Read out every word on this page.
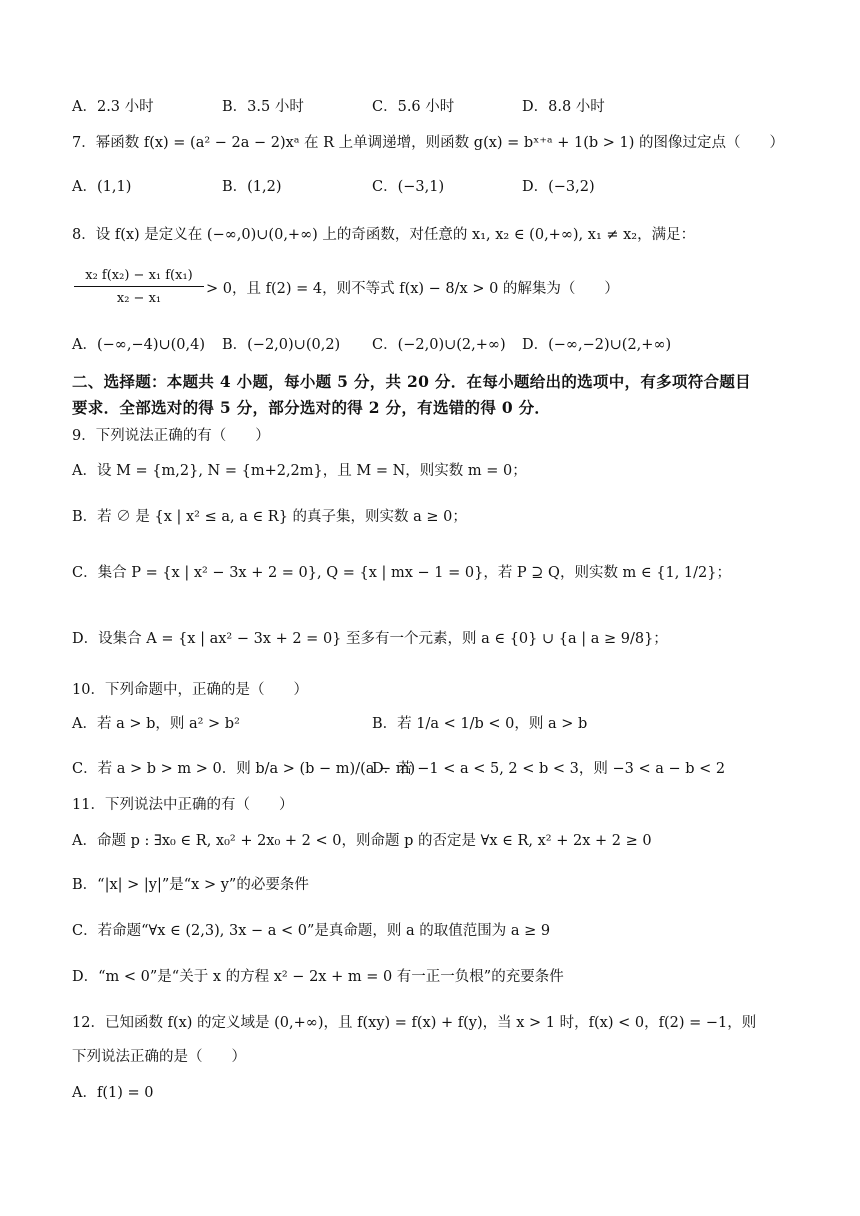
A．2.3 小时	B．3.5 小时	C．5.6 小时	D．8.8 小时
7．幂函数 f(x) = (a² − 2a − 2)xᵃ 在 R 上单调递增，则函数 g(x) = bˣ⁺ᵃ + 1(b > 1) 的图像过定点（　　）
A．(1,1)	B．(1,2)	C．(−3,1)	D．(−3,2)
8．设 f(x) 是定义在 (−∞,0)∪(0,+∞) 上的奇函数，对任意的 x₁, x₂ ∈ (0,+∞), x₁ ≠ x₂，满足：
x₂ f(x₂) − x₁ f(x₁)
x₂ − x₁
> 0，且 f(2) = 4，则不等式 f(x) − 8/x > 0 的解集为（　　）
A．(−∞,−4)∪(0,4) B．(−2,0)∪(0,2) C．(−2,0)∪(2,+∞) D．(−∞,−2)∪(2,+∞)
二、选择题：本题共 4 小题，每小题 5 分，共 20 分．在每小题给出的选项中，有多项符合题目
要求．全部选对的得 5 分，部分选对的得 2 分，有选错的得 0 分．
9．下列说法正确的有（　　）
A．设 M = {m,2}, N = {m+2,2m}，且 M = N，则实数 m = 0；
B．若 ∅ 是 {x | x² ≤ a, a ∈ R} 的真子集，则实数 a ≥ 0；
C．集合 P = {x | x² − 3x + 2 = 0}, Q = {x | mx − 1 = 0}，若 P ⊇ Q，则实数 m ∈ {1, 1/2}；
D．设集合 A = {x | ax² − 3x + 2 = 0} 至多有一个元素，则 a ∈ {0} ∪ {a | a ≥ 9/8}；
10．下列命题中，正确的是（　　）
A．若 a > b，则 a² > b²	B．若 1/a < 1/b < 0，则 a > b
C．若 a > b > m > 0．则 b/a > (b − m)/(a − m)
D．若 −1 < a < 5, 2 < b < 3，则 −3 < a − b < 2
11．下列说法中正确的有（　　）
A．命题 p : ∃x₀ ∈ R, x₀² + 2x₀ + 2 < 0，则命题 p 的否定是 ∀x ∈ R, x² + 2x + 2 ≥ 0
B．“|x| > |y|”是“x > y”的必要条件
C．若命题“∀x ∈ (2,3), 3x − a < 0”是真命题，则 a 的取值范围为 a ≥ 9
D．“m < 0”是“关于 x 的方程 x² − 2x + m = 0 有一正一负根”的充要条件
12．已知函数 f(x) 的定义域是 (0,+∞)，且 f(xy) = f(x) + f(y)，当 x > 1 时，f(x) < 0，f(2) = −1，则
下列说法正确的是（　　）
A．f(1) = 0
